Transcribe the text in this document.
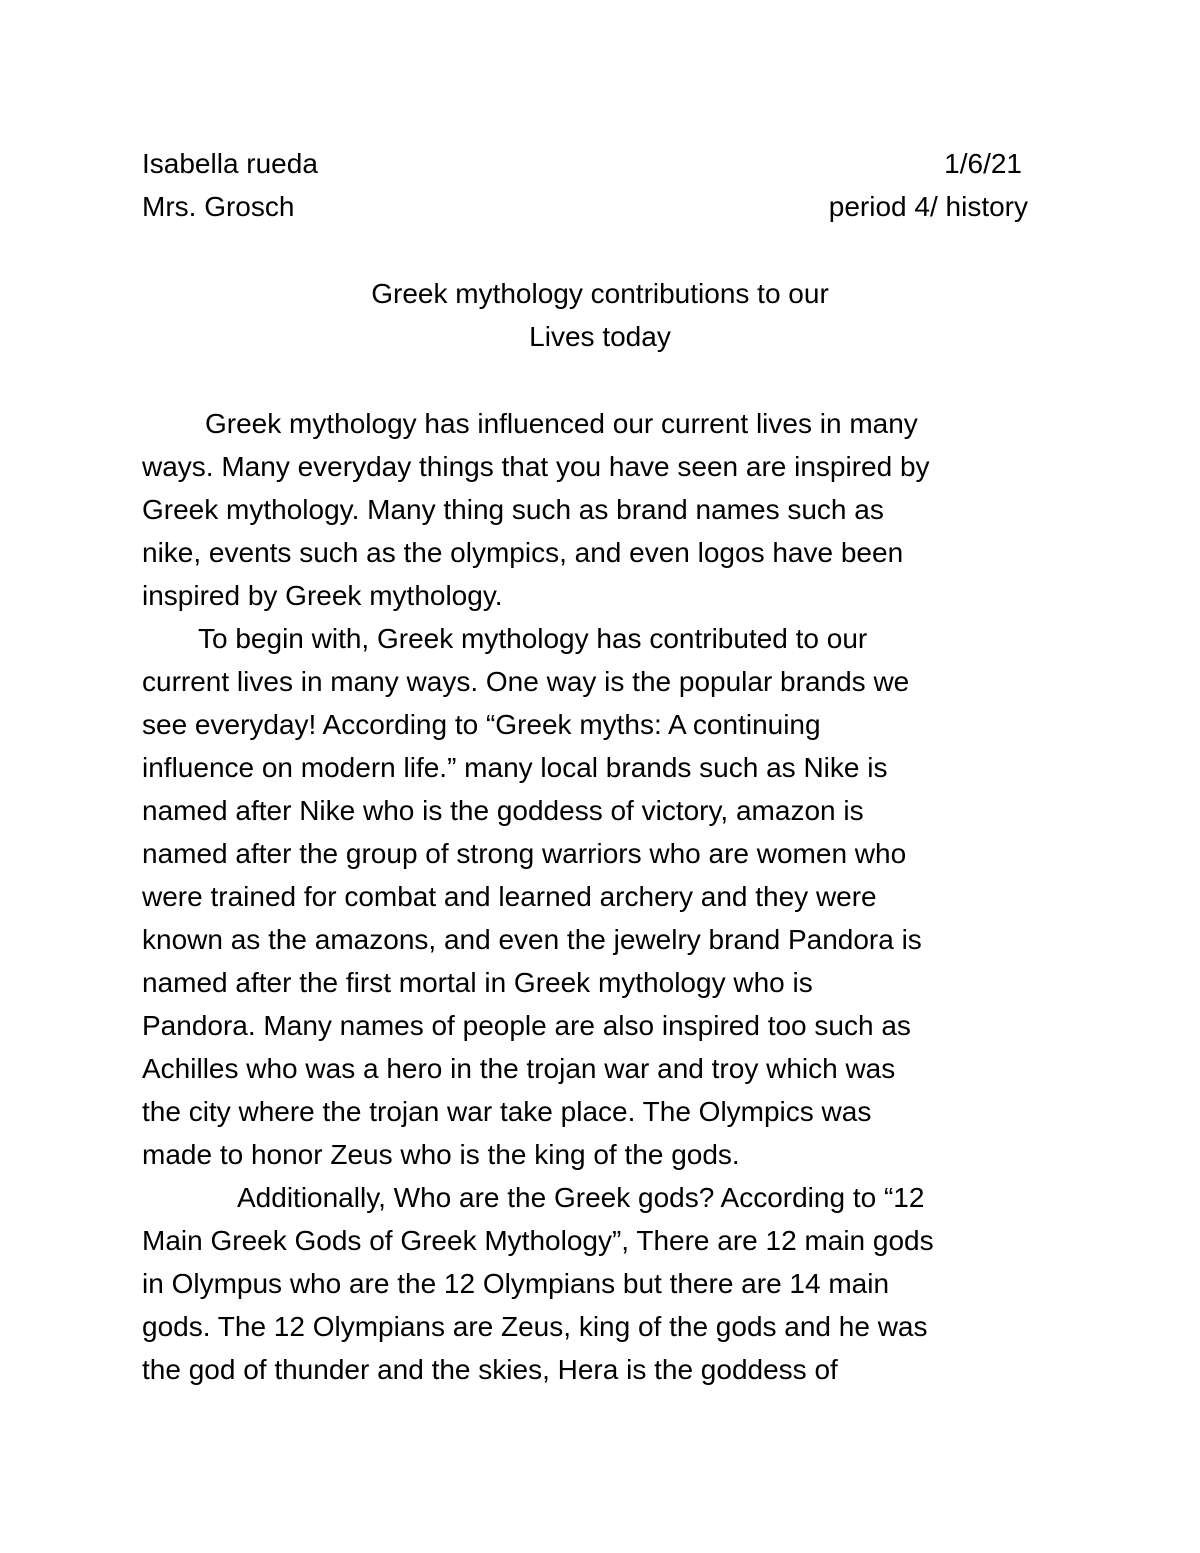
Isabella rueda	1/6/21
Mrs. Grosch	period 4/ history
Greek mythology contributions to our
Lives today
Greek mythology has influenced our current lives in many
ways. Many everyday things that you have seen are inspired by
Greek mythology. Many thing such as brand names such as
nike, events such as the olympics, and even logos have been
inspired by Greek mythology.
To begin with, Greek mythology has contributed to our
current lives in many ways. One way is the popular brands we
see everyday! According to “Greek myths: A continuing
influence on modern life.” many local brands such as Nike is
named after Nike who is the goddess of victory, amazon is
named after the group of strong warriors who are women who
were trained for combat and learned archery and they were
known as the amazons, and even the jewelry brand Pandora is
named after the first mortal in Greek mythology who is
Pandora. Many names of people are also inspired too such as
Achilles who was a hero in the trojan war and troy which was
the city where the trojan war take place. The Olympics was
made to honor Zeus who is the king of the gods.
Additionally, Who are the Greek gods? According to “12
Main Greek Gods of Greek Mythology”, There are 12 main gods
in Olympus who are the 12 Olympians but there are 14 main
gods. The 12 Olympians are Zeus, king of the gods and he was
the god of thunder and the skies, Hera is the goddess of
